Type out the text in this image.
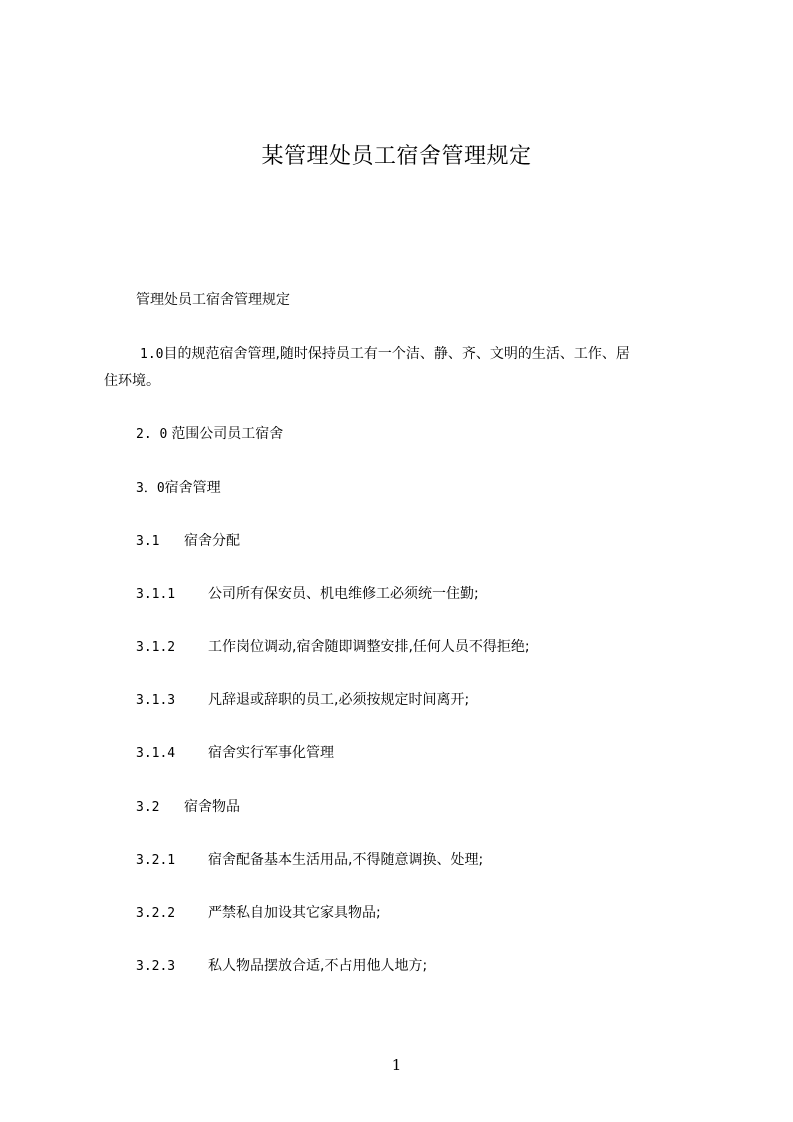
某管理处员工宿舍管理规定
管理处员工宿舍管理规定
1.0目的规范宿舍管理,随时保持员工有一个洁、静、齐、文明的生活、工作、居
住环境。
2. 0 范围公司员工宿舍
3．0宿舍管理
3.1 宿舍分配
3.1.1 公司所有保安员、机电维修工必须统一住勤;
3.1.2 工作岗位调动,宿舍随即调整安排,任何人员不得拒绝;
3.1.3 凡辞退或辞职的员工,必须按规定时间离开;
3.1.4 宿舍实行军事化管理
3.2 宿舍物品
3.2.1 宿舍配备基本生活用品,不得随意调换、处理;
3.2.2 严禁私自加设其它家具物品;
3.2.3 私人物品摆放合适,不占用他人地方;
1
